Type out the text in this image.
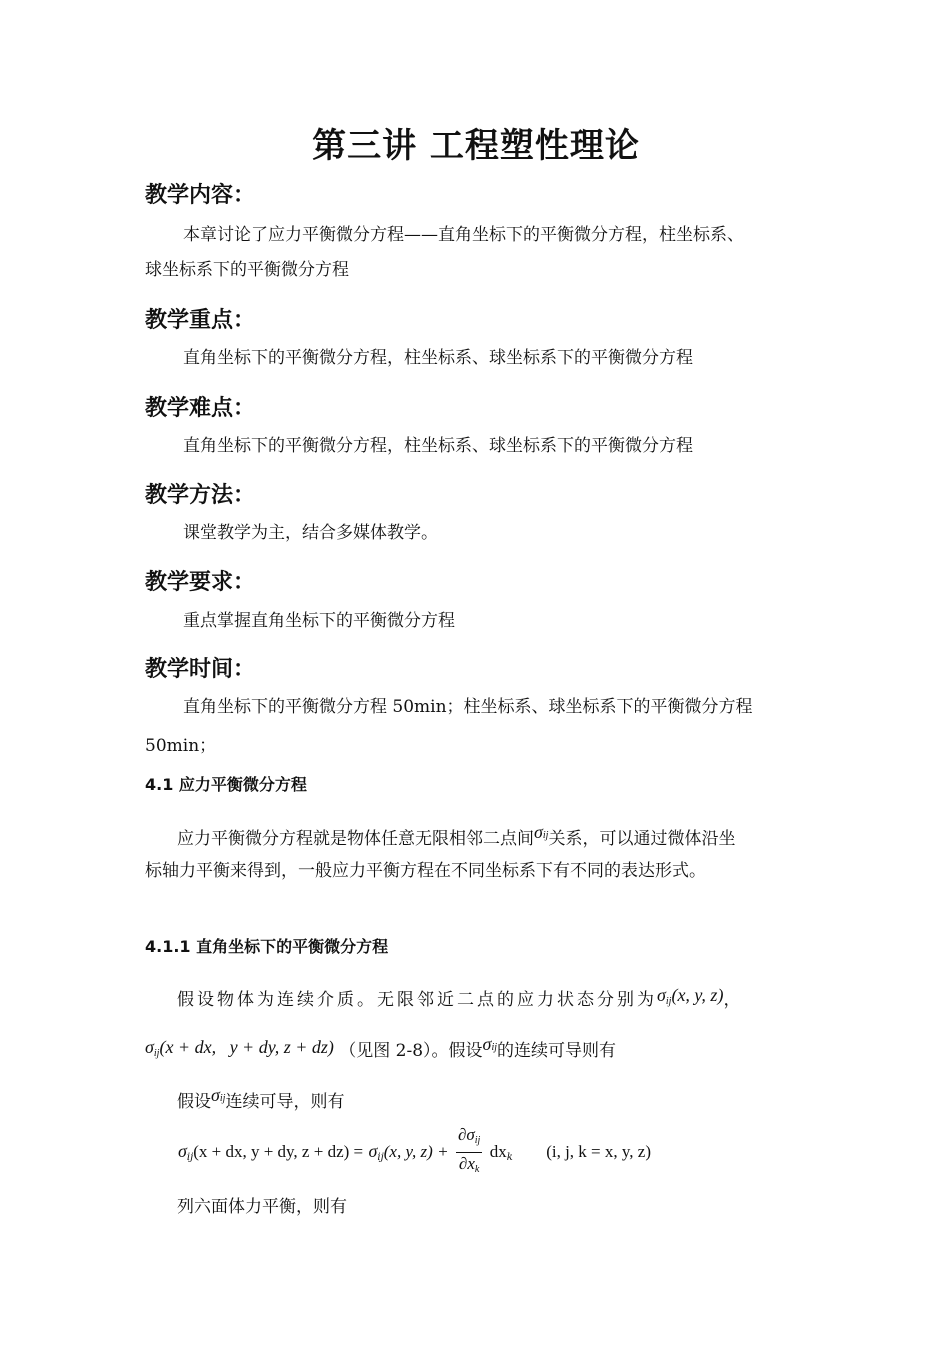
第三讲 工程塑性理论
教学内容：
本章讨论了应力平衡微分方程——直角坐标下的平衡微分方程，柱坐标系、
球坐标系下的平衡微分方程
教学重点：
直角坐标下的平衡微分方程，柱坐标系、球坐标系下的平衡微分方程
教学难点：
直角坐标下的平衡微分方程，柱坐标系、球坐标系下的平衡微分方程
教学方法：
课堂教学为主，结合多媒体教学。
教学要求：
重点掌握直角坐标下的平衡微分方程
教学时间：
直角坐标下的平衡微分方程 50min；柱坐标系、球坐标系下的平衡微分方程
50min；
4.1 应力平衡微分方程
应力平衡微分方程就是物体任意无限相邻二点间$^{\sigma ij}$关系，可以通过微体沿坐
标轴力平衡来得到，一般应力平衡方程在不同坐标系下有不同的表达形式。
4.1.1 直角坐标下的平衡微分方程
假设物体为连续介质。无限邻近二点的应力状态分别为$\sigma_{ij}(x$, y, z)，
$\sigma_{ij}(x$ + dx,   y + dy, z + dz) （见图 2-8）。假设$^{\sigma ij}$的连续可导则有
假设$^{\sigma ij}$连续可导，则有
$\sigma_{ij}(x$ + dx, y + dy, $z + dz) = \sigma_{ij}(x$, y, $z) + \frac{\partial\sigma_{ij}}{\partial x_k} dx_k$ (i, j, k = x, y, z)
列六面体力平衡，则有
